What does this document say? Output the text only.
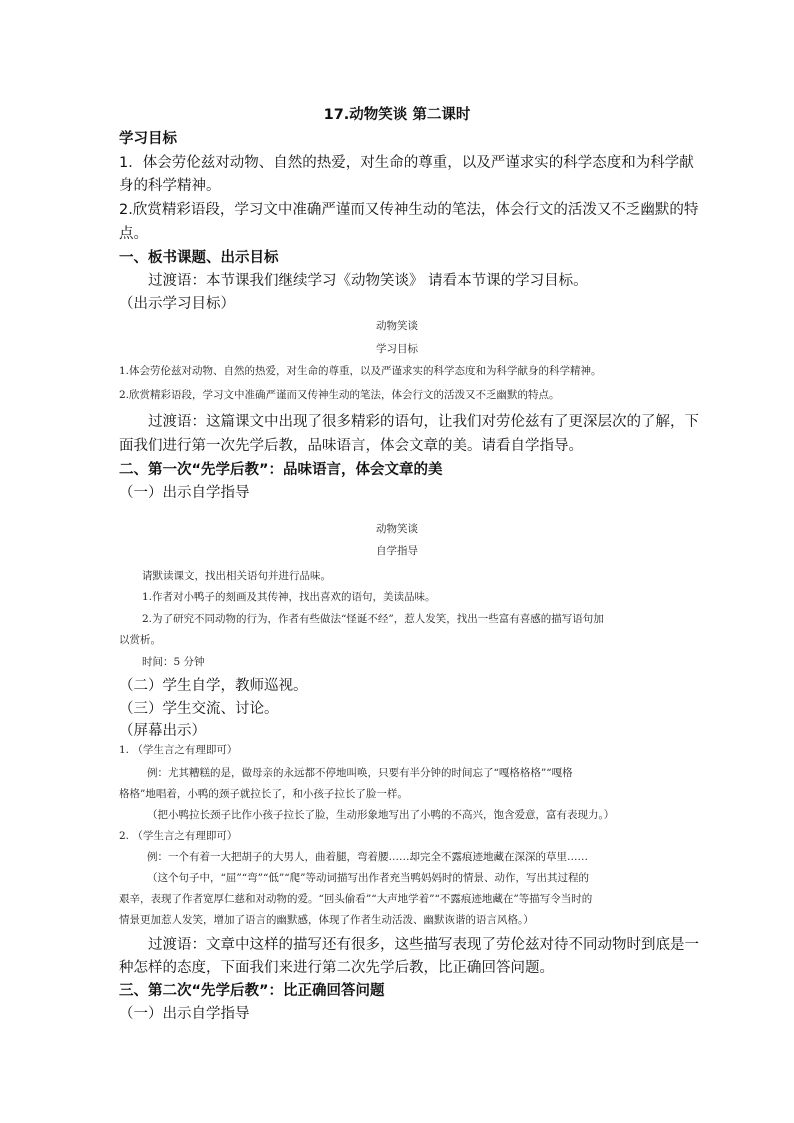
17.动物笑谈 第二课时
学习目标
1．体会劳伦兹对动物、自然的热爱，对生命的尊重，以及严谨求实的科学态度和为科学献
身的科学精神。
2.欣赏精彩语段，学习文中准确严谨而又传神生动的笔法，体会行文的活泼又不乏幽默的特
点。
一、板书课题、出示目标
过渡语：本节课我们继续学习《动物笑谈》 请看本节课的学习目标。
（出示学习目标）
动物笑谈
学习目标
1.体会劳伦兹对动物、自然的热爱，对生命的尊重，以及严谨求实的科学态度和为科学献身的科学精神。
2.欣赏精彩语段，学习文中准确严谨而又传神生动的笔法，体会行文的活泼又不乏幽默的特点。
过渡语：这篇课文中出现了很多精彩的语句，让我们对劳伦兹有了更深层次的了解，下
面我们进行第一次先学后教，品味语言，体会文章的美。请看自学指导。
二、第一次“先学后教”：品味语言，体会文章的美
（一）出示自学指导
动物笑谈
自学指导
请默读课文，找出相关语句并进行品味。
1.作者对小鸭子的刻画及其传神，找出喜欢的语句，美读品味。
2.为了研究不同动物的行为，作者有些做法“怪诞不经”，惹人发笑，找出一些富有喜感的描写语句加
以赏析。
时间：5 分钟
（二）学生自学，教师巡视。
（三）学生交流、讨论。
（屏幕出示）
1. （学生言之有理即可）
例：尤其糟糕的是，做母亲的永远都不停地叫唤，只要有半分钟的时间忘了“嘎格格格”“嘎格
格格”地唱着，小鸭的颈子就拉长了，和小孩子拉长了脸一样。
（把小鸭拉长颈子比作小孩子拉长了脸，生动形象地写出了小鸭的不高兴，饱含爱意，富有表现力。）
2. （学生言之有理即可）
例：一个有着一大把胡子的大男人，曲着腿，弯着腰……却完全不露痕迹地藏在深深的草里……
（这个句子中，“屈”“弯”“低”“爬”等动词描写出作者充当鸭妈妈时的情景、动作，写出其过程的
艰辛，表现了作者宽厚仁慈和对动物的爱。“回头偷看”“大声地学着”“不露痕迹地藏在”等描写令当时的
情景更加惹人发笑，增加了语言的幽默感，体现了作者生动活泼、幽默诙谐的语言风格。）
过渡语：文章中这样的描写还有很多，这些描写表现了劳伦兹对待不同动物时到底是一
种怎样的态度，下面我们来进行第二次先学后教，比正确回答问题。
三、第二次“先学后教”：比正确回答问题
（一）出示自学指导
